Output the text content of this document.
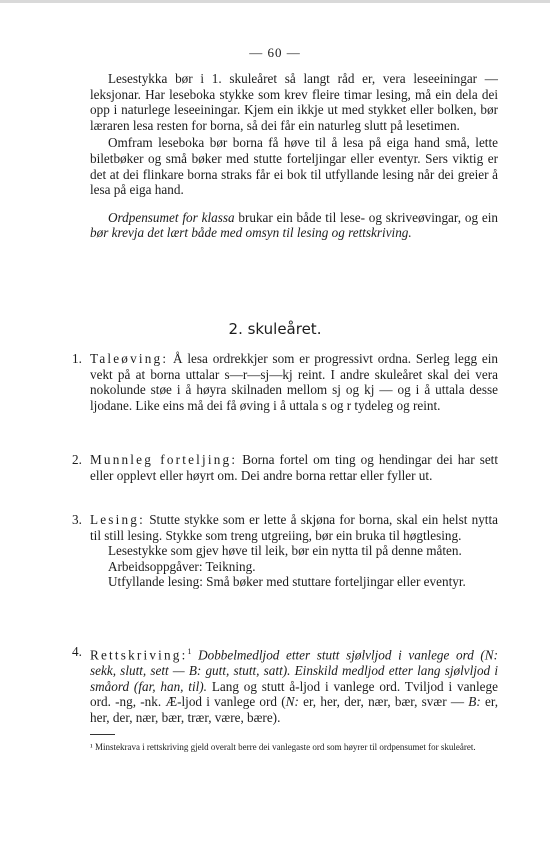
— 60 —

Lesestykka bør i 1. skuleåret så langt råd er, vera leseeiningar — leksjonar. Har leseboka stykke som krev fleire timar lesing, må ein dela dei opp i naturlege leseeiningar. Kjem ein ikkje ut med stykket eller bolken, bør læraren lesa resten for borna, så dei får ein naturleg slutt på lesetimen.

Omfram leseboka bør borna få høve til å lesa på eiga hand små, lette biletbøker og små bøker med stutte forteljingar eller eventyr. Sers viktig er det at dei flinkare borna straks får ei bok til utfyllande lesing når dei greier å lesa på eiga hand.

Ordpensumet for klassa brukar ein både til lese- og skriveøvingar, og ein bør krevja det lært både med omsyn til lesing og rettskriving.

2. skuleåret.
1. Taleøving: Å lesa ordrekkjer som er progressivt ordna. Serleg legg ein vekt på at borna uttalar s—r—sj—kj reint. I andre skuleåret skal dei vera nokolunde støe i å høyra skilnaden mellom sj og kj — og i å uttala desse ljodane. Like eins må dei få øving i å uttala s og r tydeleg og reint.

2. Munnleg forteljing: Borna fortel om ting og hendingar dei har sett eller opplevt eller høyrt om. Dei andre borna rettar eller fyller ut.

3. Lesing: Stutte stykke som er lette å skjøna for borna, skal ein helst nytta til still lesing. Stykke som treng utgreiing, bør ein bruka til høgtlesing.

Lesestykke som gjev høve til leik, bør ein nytta til på denne måten.

Arbeidsoppgåver: Teikning.

Utfyllande lesing: Små bøker med stuttare forteljingar eller eventyr.

4. Rettskriving:$^1$ Dobbelmedljod etter stutt sjølvljod i vanlege ord (N: sekk, slutt, sett — B: gutt, stutt, satt). Einskild medljod etter lang sjølvljod i småord (far, han, til). Lang og stutt å-ljod i vanlege ord. Tviljod i vanlege ord. -ng, -nk. Æ-ljod i vanlege ord (N: er, her, der, nær, bær, svær — B: er, her, der, nær, bær, trær, være, bære).

¹ Minstekrava i rettskriving gjeld overalt berre dei vanlegaste ord som høyrer til ordpensumet for skuleåret.
